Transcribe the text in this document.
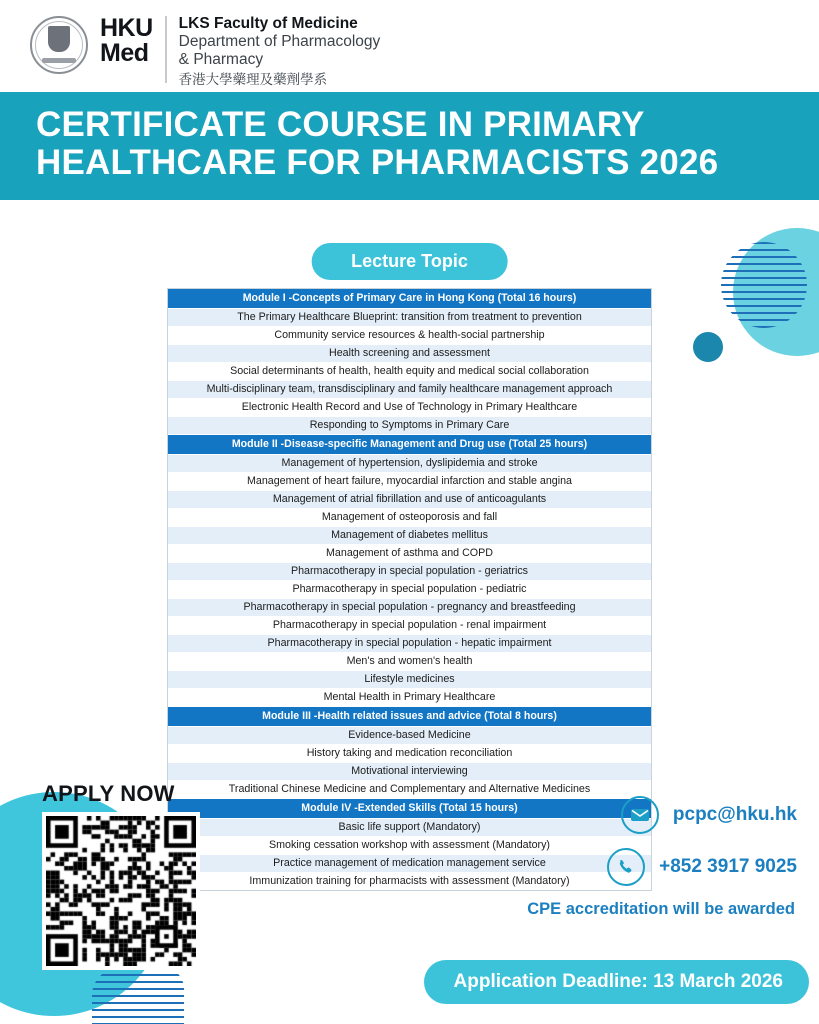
HKU
Med
LKS Faculty of Medicine
Department of Pharmacology
& Pharmacy
香港大學藥理及藥劑學系
CERTIFICATE COURSE IN PRIMARY HEALTHCARE FOR PHARMACISTS 2026
Lecture Topic
Module I -Concepts of Primary Care in Hong Kong (Total 16 hours)
The Primary Healthcare Blueprint: transition from treatment to prevention
Community service resources & health-social partnership
Health screening and assessment
Social determinants of health, health equity and medical social collaboration
Multi-disciplinary team, transdisciplinary and family healthcare management approach
Electronic Health Record and Use of Technology in Primary Healthcare
Responding to Symptoms in Primary Care
Module II -Disease-specific Management and Drug use (Total 25 hours)
Management of hypertension, dyslipidemia and stroke
Management of heart failure, myocardial infarction and stable angina
Management of atrial fibrillation and use of anticoagulants
Management of osteoporosis and fall
Management of diabetes mellitus
Management of asthma and COPD
Pharmacotherapy in special population - geriatrics
Pharmacotherapy in special population - pediatric
Pharmacotherapy in special population - pregnancy and breastfeeding
Pharmacotherapy in special population - renal impairment
Pharmacotherapy in special population - hepatic impairment
Men's and women's health
Lifestyle medicines
Mental Health in Primary Healthcare
Module III -Health related issues and advice (Total 8 hours)
Evidence-based Medicine
History taking and medication reconciliation
Motivational interviewing
Traditional Chinese Medicine and Complementary and Alternative Medicines
Module IV -Extended Skills (Total 15 hours)
Basic life support (Mandatory)
Smoking cessation workshop with assessment (Mandatory)
Practice management of medication management service
Immunization training for pharmacists with assessment (Mandatory)
APPLY NOW
pcpc@hku.hk
+852 3917 9025
CPE accreditation will be awarded
Application Deadline: 13 March 2026
